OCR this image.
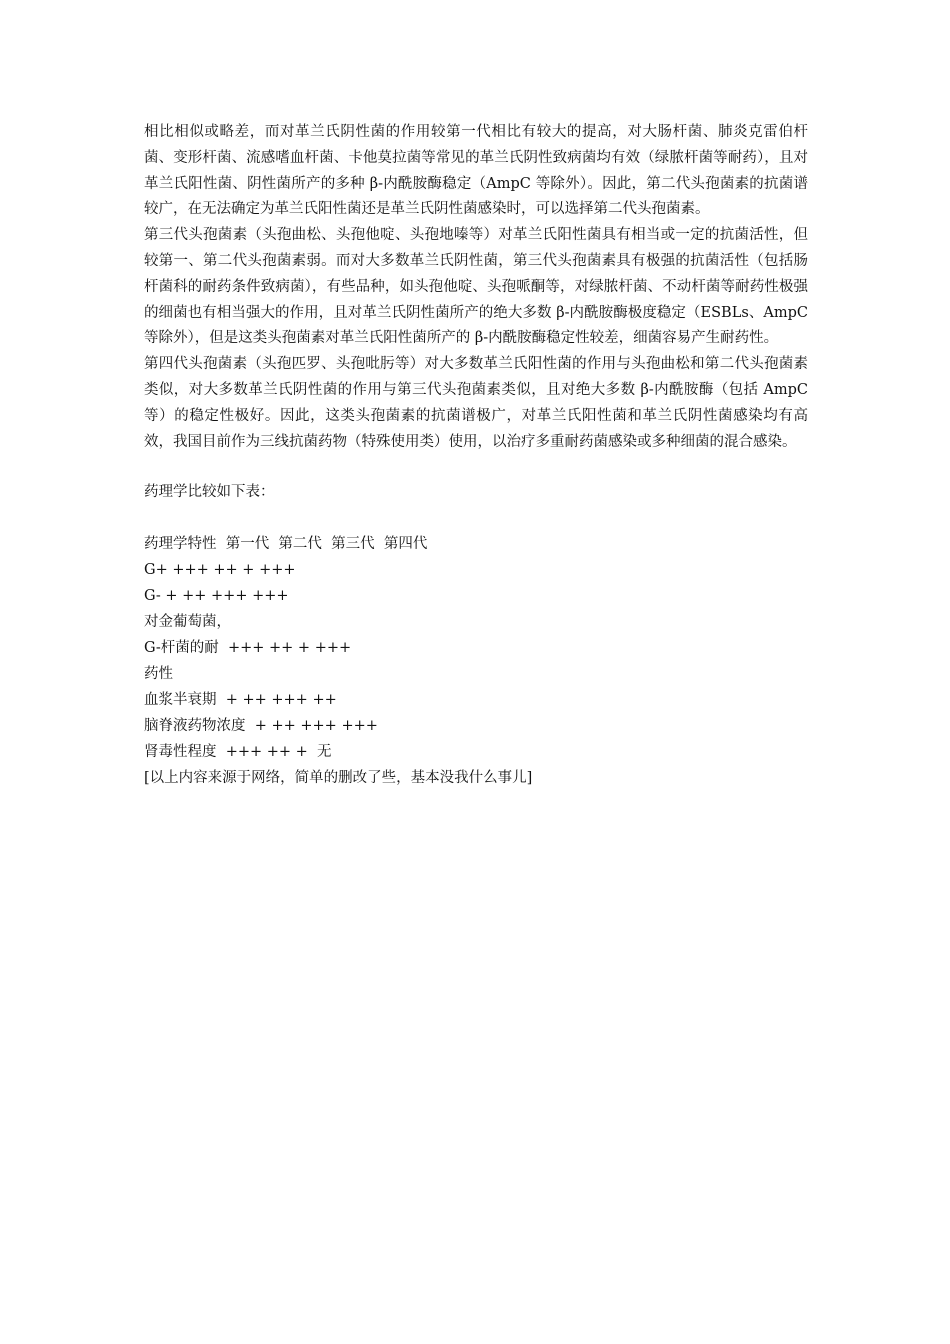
相比相似或略差，而对革兰氏阴性菌的作用较第一代相比有较大的提高，对大肠杆菌、肺炎克雷伯杆菌、变形杆菌、流感嗜血杆菌、卡他莫拉菌等常见的革兰氏阴性致病菌均有效（绿脓杆菌等耐药），且对革兰氏阳性菌、阴性菌所产的多种 β-内酰胺酶稳定（AmpC 等除外）。因此，第二代头孢菌素的抗菌谱较广，在无法确定为革兰氏阳性菌还是革兰氏阴性菌感染时，可以选择第二代头孢菌素。

第三代头孢菌素（头孢曲松、头孢他啶、头孢地嗪等）对革兰氏阳性菌具有相当或一定的抗菌活性，但较第一、第二代头孢菌素弱。而对大多数革兰氏阴性菌，第三代头孢菌素具有极强的抗菌活性（包括肠杆菌科的耐药条件致病菌），有些品种，如头孢他啶、头孢哌酮等，对绿脓杆菌、不动杆菌等耐药性极强的细菌也有相当强大的作用，且对革兰氏阴性菌所产的绝大多数 β-内酰胺酶极度稳定（ESBLs、AmpC 等除外），但是这类头孢菌素对革兰氏阳性菌所产的 β-内酰胺酶稳定性较差，细菌容易产生耐药性。

第四代头孢菌素（头孢匹罗、头孢吡肟等）对大多数革兰氏阳性菌的作用与头孢曲松和第二代头孢菌素类似，对大多数革兰氏阴性菌的作用与第三代头孢菌素类似，且对绝大多数 β-内酰胺酶（包括 AmpC 等）的稳定性极好。因此，这类头孢菌素的抗菌谱极广，对革兰氏阳性菌和革兰氏阴性菌感染均有高效，我国目前作为三线抗菌药物（特殊使用类）使用，以治疗多重耐药菌感染或多种细菌的混合感染。

药理学比较如下表：

药理学特性  第一代  第二代  第三代  第四代

G+ +++ ++ + +++

G- + ++ +++ +++

对金葡萄菌，

G-杆菌的耐  +++ ++ + +++

药性

血浆半衰期  + ++ +++ ++

脑脊液药物浓度  + ++ +++ +++

肾毒性程度  +++ ++ +  无

[以上内容来源于网络，简单的删改了些，基本没我什么事儿]
